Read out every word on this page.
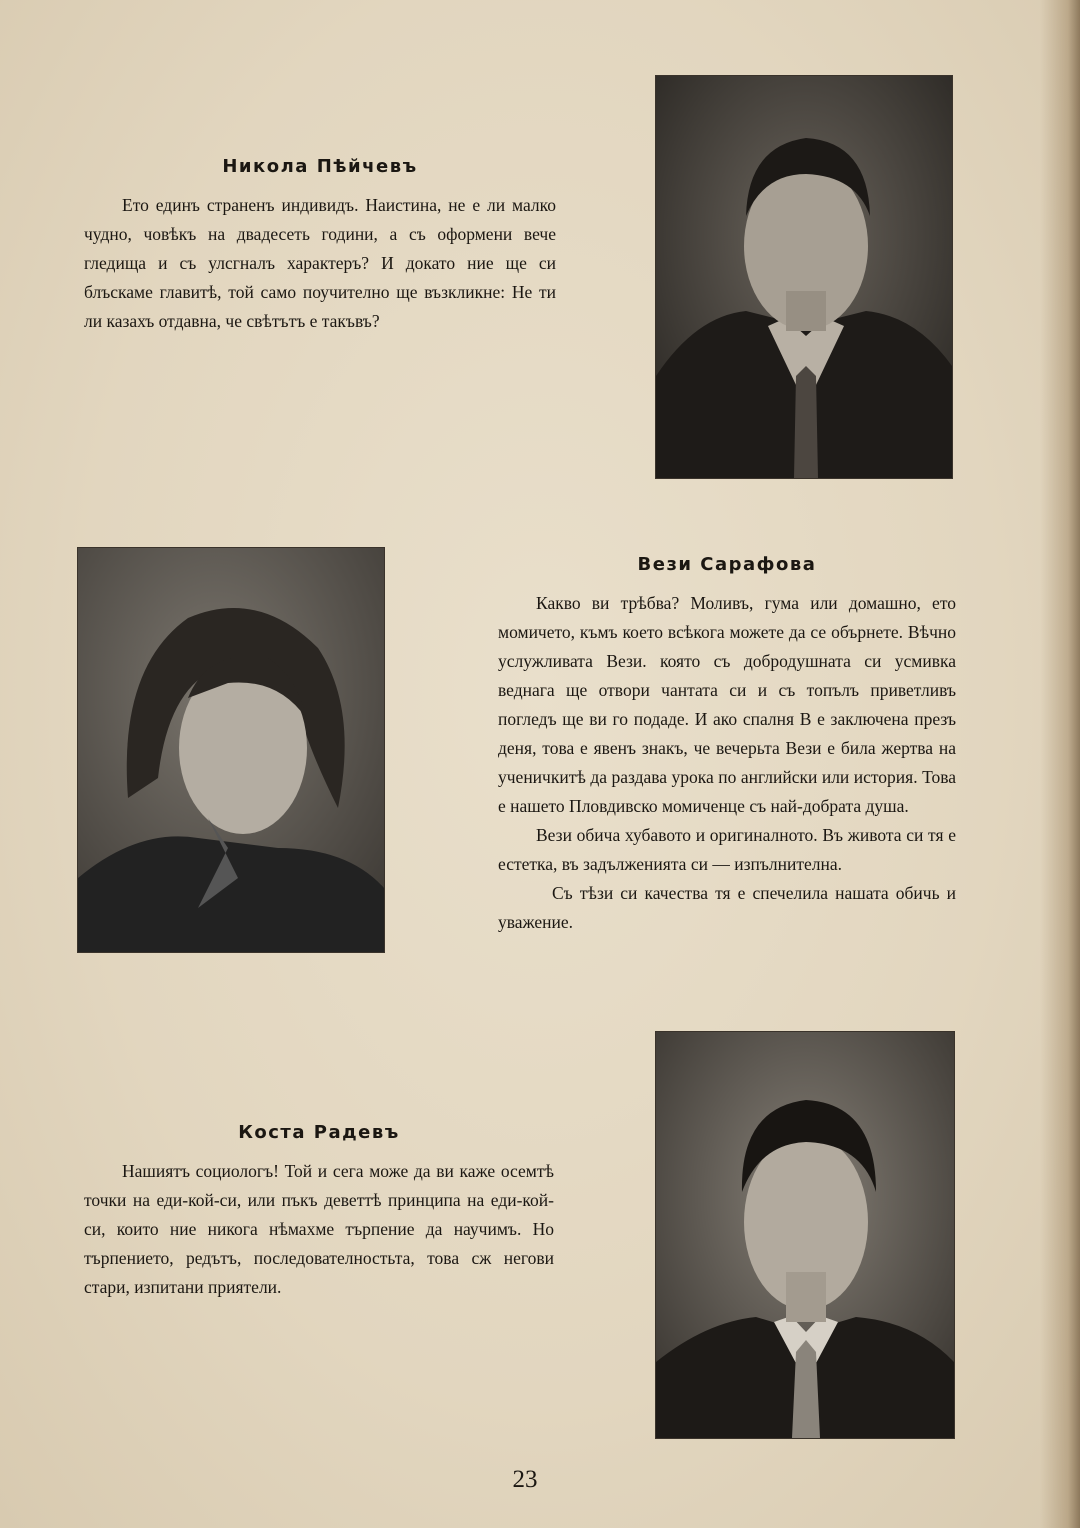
Никола Пѣйчевъ

Ето единъ страненъ индивидъ. Наистина, не е ли малко чудно, човѣкъ на двадесеть години, а съ оформени вече гледища и съ улсгналъ характеръ? И докато ние ще си блъскаме главитѣ, той само поучително ще възкликне: Не ти ли казахъ отдавна, че свѣтътъ е такъвъ?

Вези Сарафова

Какво ви трѣбва? Моливъ, гума или домашно, ето момичето, къмъ което всѣкога можете да се обърнете. Вѣчно услужливата Вези. която съ добродушната си усмивка веднага ще отвори чантата си и съ топълъ приветливъ погледъ ще ви го подаде. И ако спалня В е заключена презъ деня, това е явенъ знакъ, че вечерьта Вези е била жертва на ученичкитѣ да раздава урока по английски или история. Това е нашето Пловдивско момиченце съ най-добрата душа.

Вези обича хубавото и оригиналното. Въ живота си тя е естетка, въ задълженията си — изпълнителна.

Съ тѣзи си качества тя е спечелила нашата обичь и уважение.

Коста Радевъ

Нашиятъ социологъ! Той и сега може да ви каже осемтѣ точки на еди-кой-си, или пъкъ деветтѣ принципа на еди-кой-си, които ние никога нѣмахме търпение да научимъ. Но търпението, редътъ, последователностьта, това сж негови стари, изпитани приятели.

23
